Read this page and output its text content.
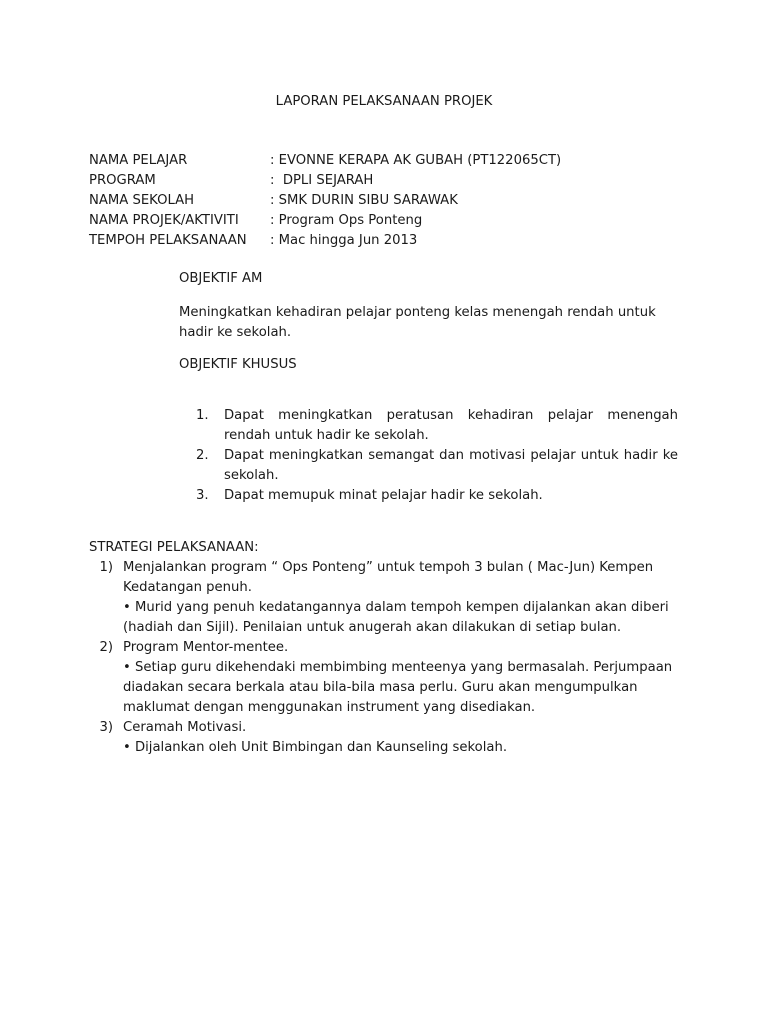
LAPORAN PELAKSANAAN PROJEK
NAMA PELAJAR	: EVONNE KERAPA AK GUBAH (PT122065CT)
PROGRAM	:  DPLI SEJARAH
NAMA SEKOLAH	: SMK DURIN SIBU SARAWAK
NAMA PROJEK/AKTIVITI	: Program Ops Ponteng
TEMPOH PELAKSANAAN	: Mac hingga Jun 2013
OBJEKTIF AM
Meningkatkan kehadiran pelajar ponteng kelas menengah rendah untuk hadir ke sekolah.
OBJEKTIF KHUSUS
1.	Dapat meningkatkan peratusan kehadiran pelajar menengah rendah untuk hadir ke sekolah.
2.	Dapat meningkatkan semangat dan motivasi pelajar untuk hadir ke sekolah.
3.	Dapat memupuk minat pelajar hadir ke sekolah.
STRATEGI PELAKSANAAN:
1) Menjalankan program “ Ops Ponteng” untuk tempoh 3 bulan ( Mac-Jun) Kempen Kedatangan penuh.

• Murid yang penuh kedatangannya dalam tempoh kempen dijalankan akan diberi (hadiah dan Sijil). Penilaian untuk anugerah akan dilakukan di setiap bulan.

2) Program Mentor-mentee.

• Setiap guru dikehendaki membimbing menteenya yang bermasalah. Perjumpaan diadakan secara berkala atau bila-bila masa perlu. Guru akan mengumpulkan maklumat dengan menggunakan instrument yang disediakan.

3) Ceramah Motivasi.

• Dijalankan oleh Unit Bimbingan dan Kaunseling sekolah.
